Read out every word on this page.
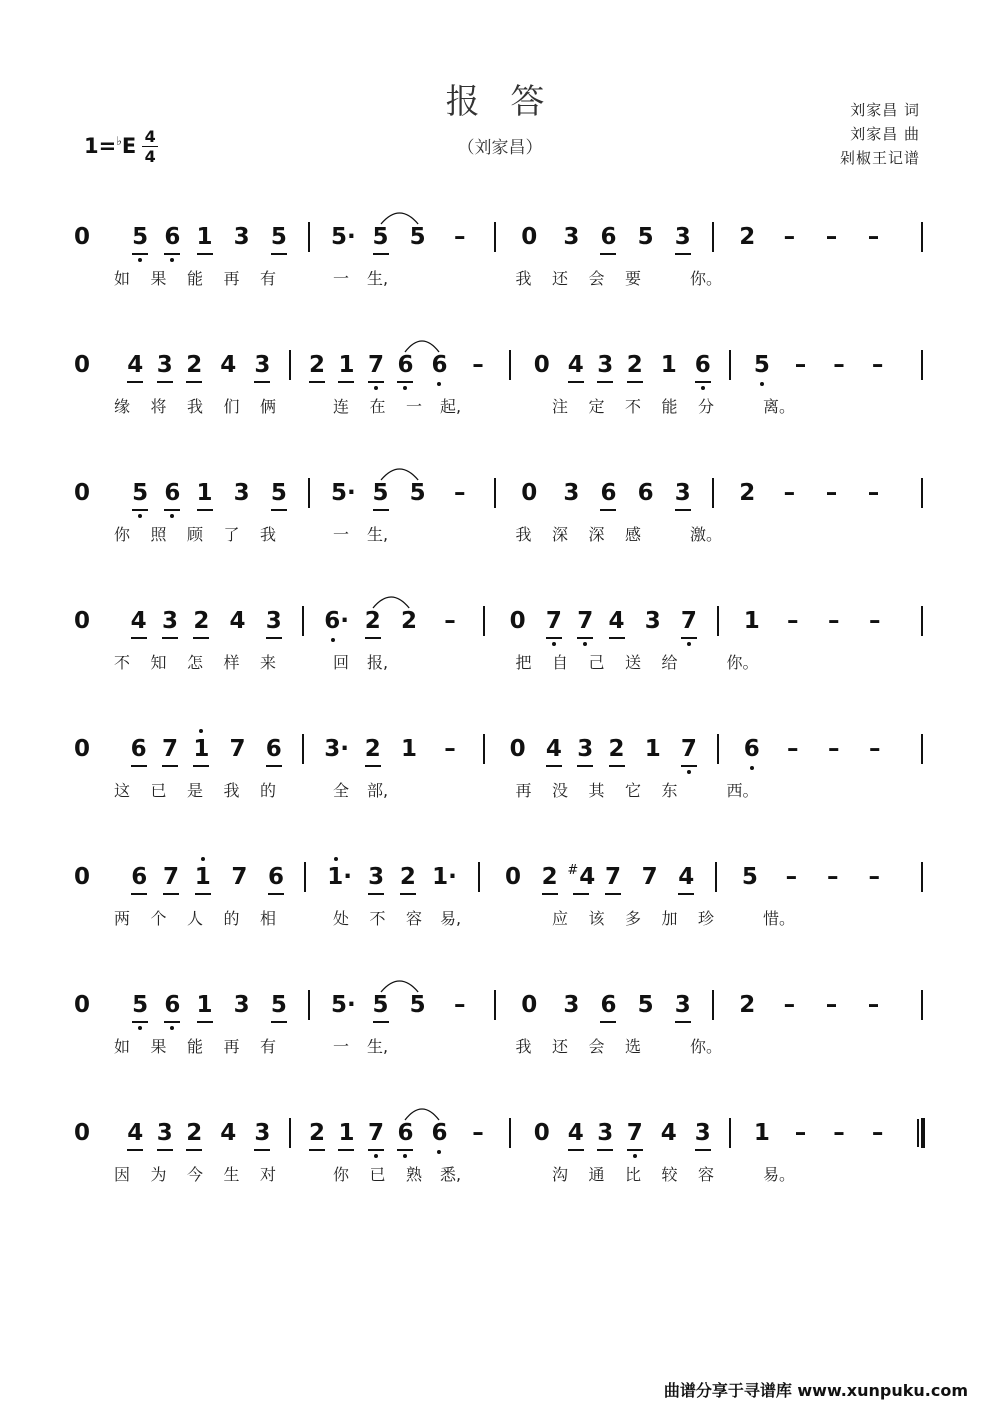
报 答
（刘家昌）
刘家昌 词
刘家昌 曲
剁椒王记谱
1=♭ E 4
4
0 5 6 1 3 5 5· 5 5 – 0 3 6 5 3 2 – – –
如 果 能 再 有	一 生,	我 还 会 要	你。
0 4 3 2 4 3 2 1 7 6 6 – 0 4 3 2 1 6 5 – – –
缘 将 我 们 俩	连 在 一 起,	注 定 不 能 分	离。
0 5 6 1 3 5 5· 5 5 – 0 3 6 6 3 2 – – –
你 照 顾 了 我	一 生,	我 深 深 感	激。
0 4 3 2 4 3 6· 2 2 – 0 7 7 4 3 7 1 – – –
不 知 怎 样 来	回 报,	把 自 己 送 给	你。
0 6 7 1 7 6 3· 2 1 – 0 4 3 2 1 7 6 – – –
这 已 是 我 的	全 部,	再 没 其 它 东	西。
0 6 7 1 7 6 1· 3 2 1· 0 2 #4 7 7 4 5 – – –
两 个 人 的 相	处 不 容 易,	应 该 多 加 珍	惜。
0 5 6 1 3 5 5· 5 5 – 0 3 6 5 3 2 – – –
如 果 能 再 有	一 生,	我 还 会 选	你。
0 4 3 2 4 3 2 1 7 6 6 – 0 4 3 7 4 3 1 – – –
因 为 今 生 对	你 已 熟 悉,	沟 通 比 较 容	易。
曲谱分享于寻谱库 www.xunpuku.com
